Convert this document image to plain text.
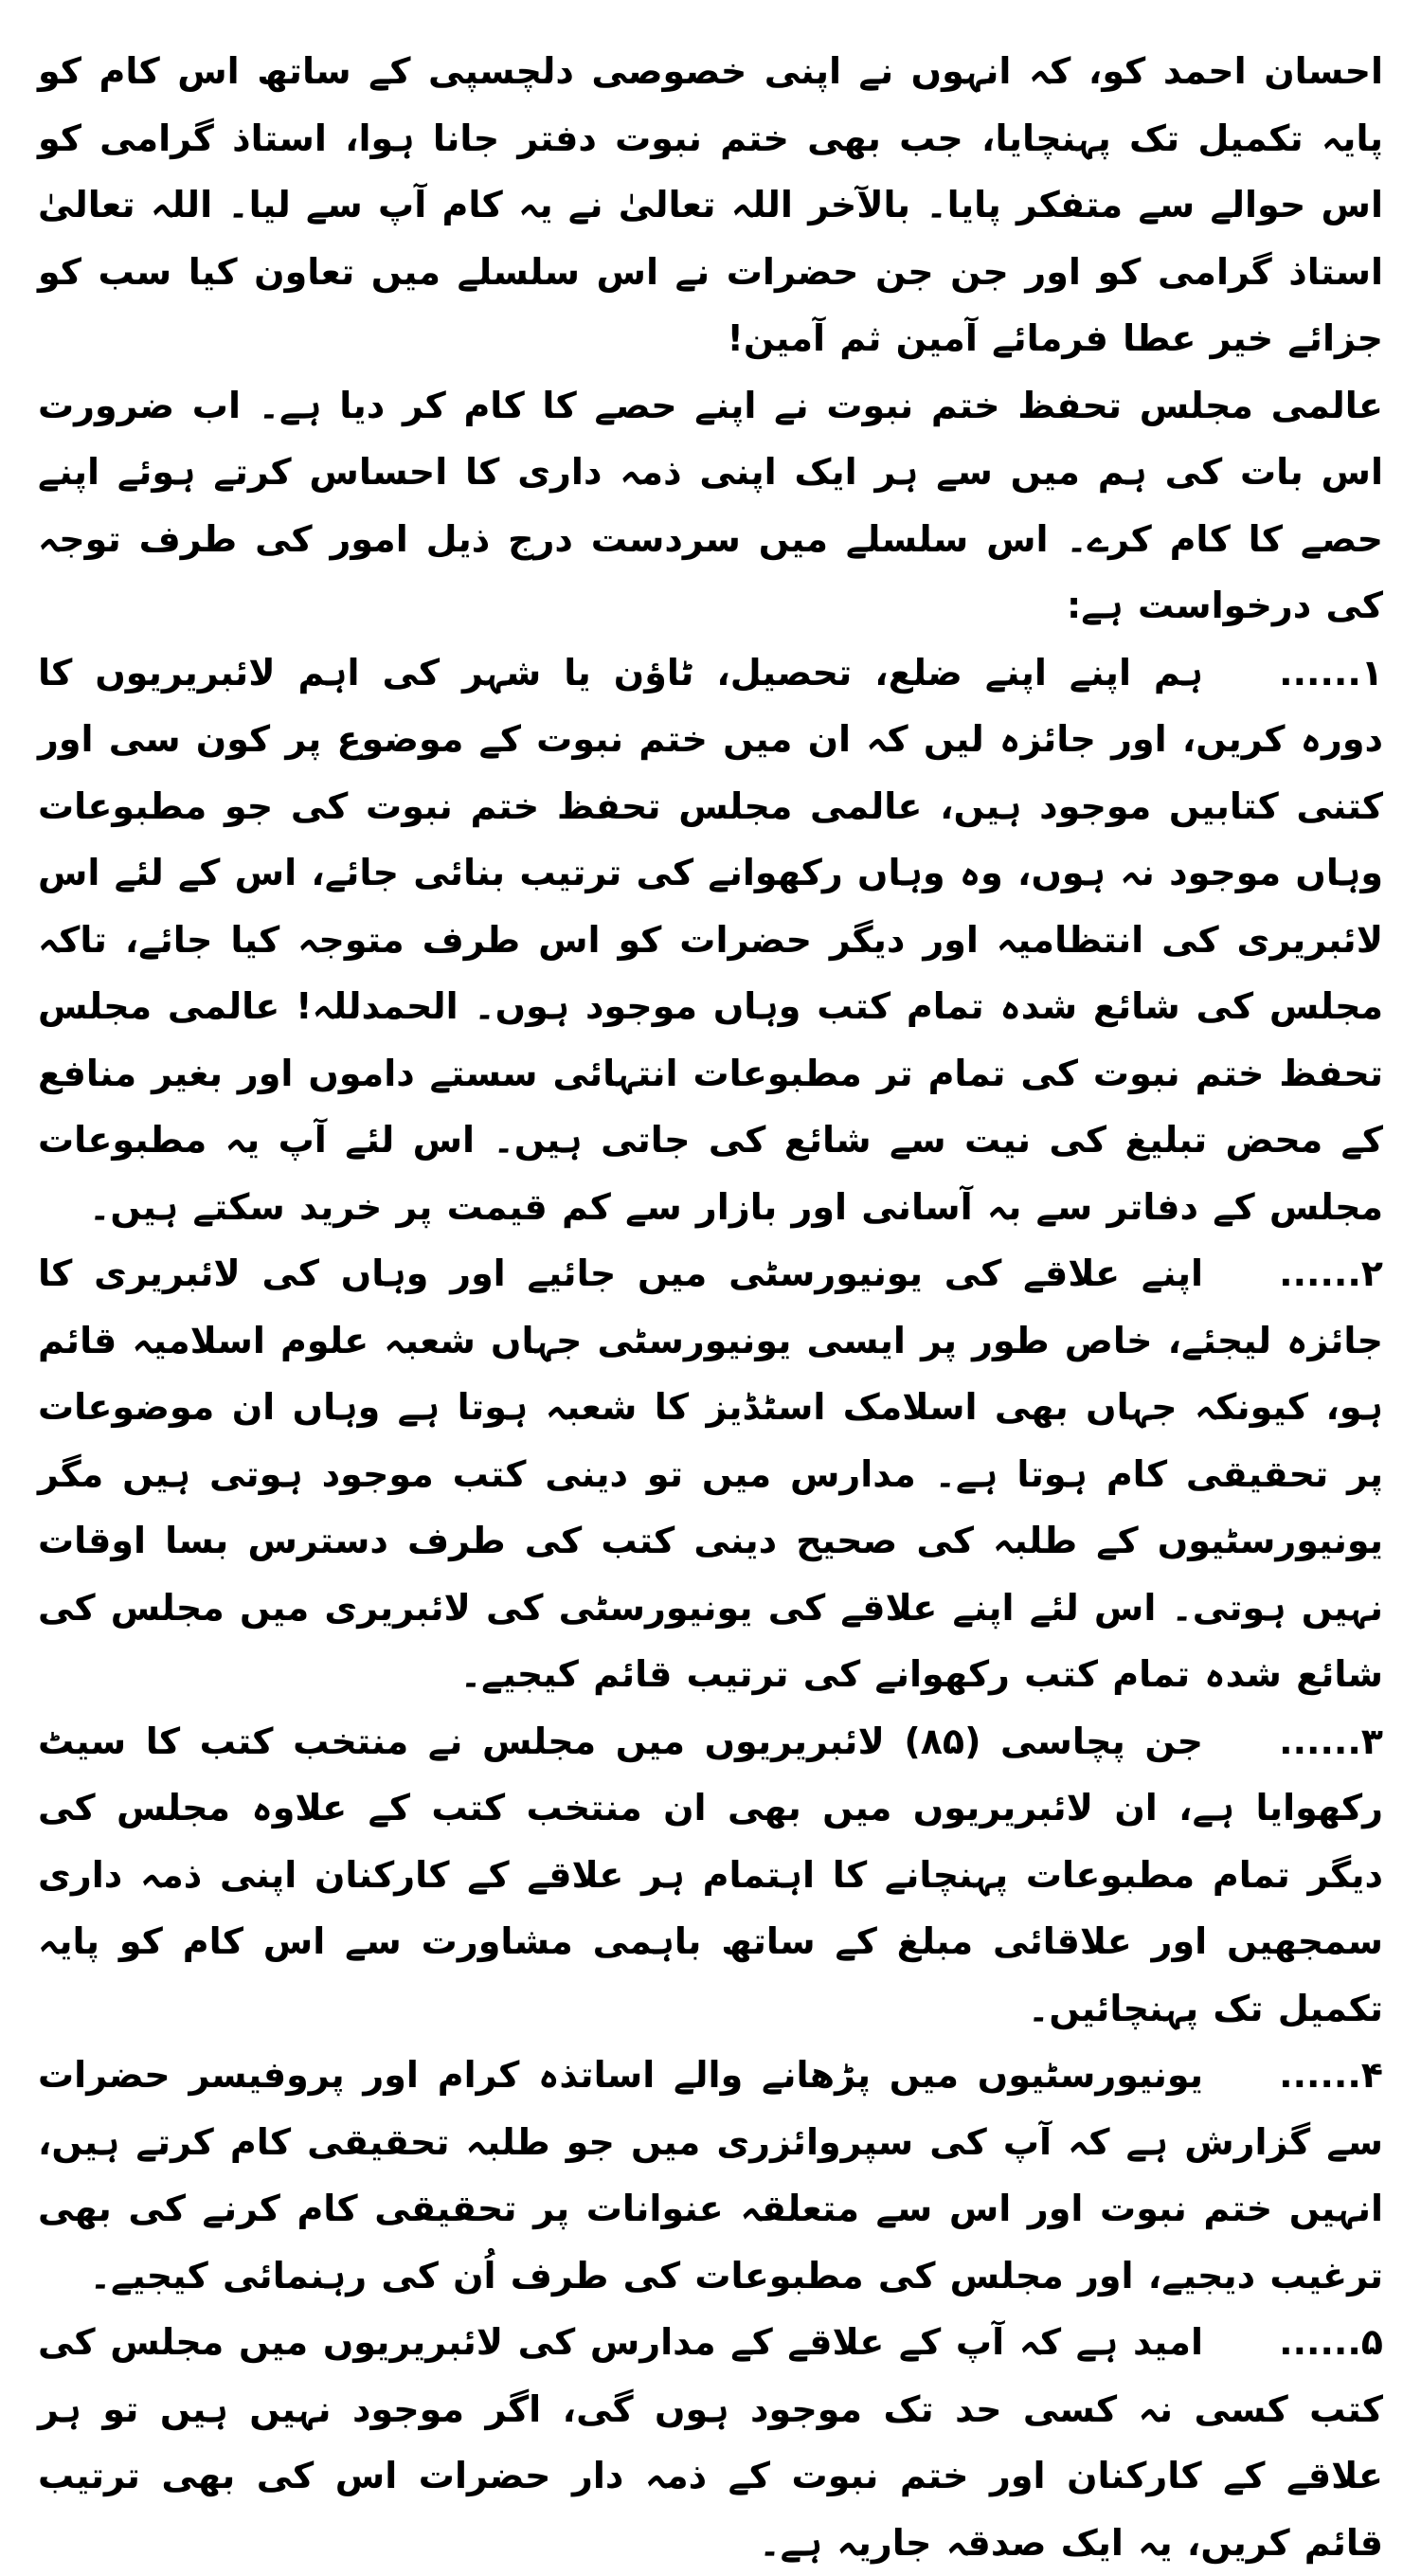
احسان احمد کو، کہ انہوں نے اپنی خصوصی دلچسپی کے ساتھ اس کام کو پایہ تکمیل تک پہنچایا، جب بھی ختم نبوت دفتر جانا ہوا، استاذ گرامی کو اس حوالے سے متفکر پایا۔ بالآخر اللہ تعالیٰ نے یہ کام آپ سے لیا۔ اللہ تعالیٰ استاذ گرامی کو اور جن جن حضرات نے اس سلسلے میں تعاون کیا سب کو جزائے خیر عطا فرمائے آمین ثم آمین!

عالمی مجلس تحفظ ختم نبوت نے اپنے حصے کا کام کر دیا ہے۔ اب ضرورت اس بات کی ہم میں سے ہر ایک اپنی ذمہ داری کا احساس کرتے ہوئے اپنے حصے کا کام کرے۔ اس سلسلے میں سردست درج ذیل امور کی طرف توجہ کی درخواست ہے:

۱......ہم اپنے اپنے ضلع، تحصیل، ٹاؤن یا شہر کی اہم لائبریریوں کا دورہ کریں، اور جائزہ لیں کہ ان میں ختم نبوت کے موضوع پر کون سی اور کتنی کتابیں موجود ہیں، عالمی مجلس تحفظ ختم نبوت کی جو مطبوعات وہاں موجود نہ ہوں، وہ وہاں رکھوانے کی ترتیب بنائی جائے، اس کے لئے اس لائبریری کی انتظامیہ اور دیگر حضرات کو اس طرف متوجہ کیا جائے، تاکہ مجلس کی شائع شدہ تمام کتب وہاں موجود ہوں۔ الحمدللہ! عالمی مجلس تحفظ ختم نبوت کی تمام تر مطبوعات انتہائی سستے داموں اور بغیر منافع کے محض تبلیغ کی نیت سے شائع کی جاتی ہیں۔ اس لئے آپ یہ مطبوعات مجلس کے دفاتر سے بہ آسانی اور بازار سے کم قیمت پر خرید سکتے ہیں۔

۲......اپنے علاقے کی یونیورسٹی میں جائیے اور وہاں کی لائبریری کا جائزہ لیجئے، خاص طور پر ایسی یونیورسٹی جہاں شعبہ علوم اسلامیہ قائم ہو، کیونکہ جہاں بھی اسلامک اسٹڈیز کا شعبہ ہوتا ہے وہاں ان موضوعات پر تحقیقی کام ہوتا ہے۔ مدارس میں تو دینی کتب موجود ہوتی ہیں مگر یونیورسٹیوں کے طلبہ کی صحیح دینی کتب کی طرف دسترس بسا اوقات نہیں ہوتی۔ اس لئے اپنے علاقے کی یونیورسٹی کی لائبریری میں مجلس کی شائع شدہ تمام کتب رکھوانے کی ترتیب قائم کیجیے۔

۳......جن پچاسی (۸۵) لائبریریوں میں مجلس نے منتخب کتب کا سیٹ رکھوایا ہے، ان لائبریریوں میں بھی ان منتخب کتب کے علاوہ مجلس کی دیگر تمام مطبوعات پہنچانے کا اہتمام ہر علاقے کے کارکنان اپنی ذمہ داری سمجھیں اور علاقائی مبلغ کے ساتھ باہمی مشاورت سے اس کام کو پایہ تکمیل تک پہنچائیں۔

۴......یونیورسٹیوں میں پڑھانے والے اساتذہ کرام اور پروفیسر حضرات سے گزارش ہے کہ آپ کی سپروائزری میں جو طلبہ تحقیقی کام کرتے ہیں، انہیں ختم نبوت اور اس سے متعلقہ عنوانات پر تحقیقی کام کرنے کی بھی ترغیب دیجیے، اور مجلس کی مطبوعات کی طرف اُن کی رہنمائی کیجیے۔

۵......امید ہے کہ آپ کے علاقے کے مدارس کی لائبریریوں میں مجلس کی کتب کسی نہ کسی حد تک موجود ہوں گی، اگر موجود نہیں ہیں تو ہر علاقے کے کارکنان اور ختم نبوت کے ذمہ دار حضرات اس کی بھی ترتیب قائم کریں، یہ ایک صدقہ جاریہ ہے۔
